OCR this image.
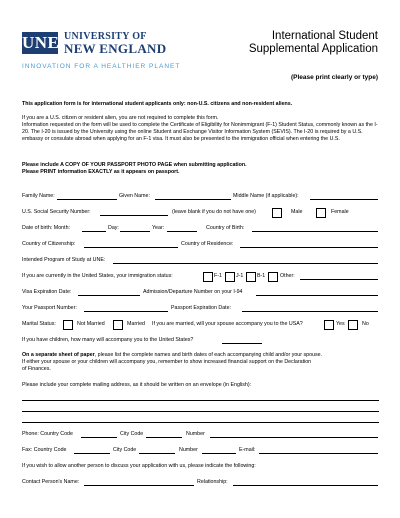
UNE UNIVERSITY OF
NEW ENGLAND
INNOVATION FOR A HEALTHIER PLANET
International Student
Supplemental Application
(Please print clearly or type)
This application form is for international student applicants only: non-U.S. citizens and non-resident aliens.
If you are a U.S. citizen or resident alien, you are not required to complete this form.
Information requested on the form will be used to complete the Certificate of Eligibility for Nonimmigrant (F-1) Student Status, commonly known as the I-20. The I-20 is issued by the University using the online Student and Exchange Visitor Information System (SEVIS). The I-20 is required by a U.S. embassy or consulate abroad when applying for an F-1 visa. It must also be presented to the immigration official when entering the U.S.
Please include A COPY OF YOUR PASSPORT PHOTO PAGE when submitting application.
Please PRINT information EXACTLY as it appears on passport.
Family Name:	Given Name:	Middle Name (if applicable):
U.S. Social Security Number:	(leave blank if you do not have one)	Male	Female
Date of birth: Month:	Day:	Year:	Country of Birth:
Country of Citizenship:	Country of Residence:
Intended Program of Study at UNE:
If you are currently in the United States, your immigration status:	F-1	J-1	B-1	Other:
Visa Expiration Date:	Admission/Departure Number on your I-94
Your Passport Number:	Passport Expiration Date:
Marital Status:	Not Married	Married If you are married, will your spouse accompany you to the USA?	Yes	No
If you have children, how many will accompany you to the United States?
On a separate sheet of paper, please list the complete names and birth dates of each accompanying child and/or your spouse.
If either your spouse or your children will accompany you, remember to show increased financial support on the Declaration
of Finances.
Please include your complete mailing address, as it should be written on an envelope (in English):
Phone: Country Code	City Code	Number
Fax: Country Code	City Code	Number	E-mail:
If you wish to allow another person to discuss your application with us, please indicate the following:
Contact Person's Name:	Relationship:
